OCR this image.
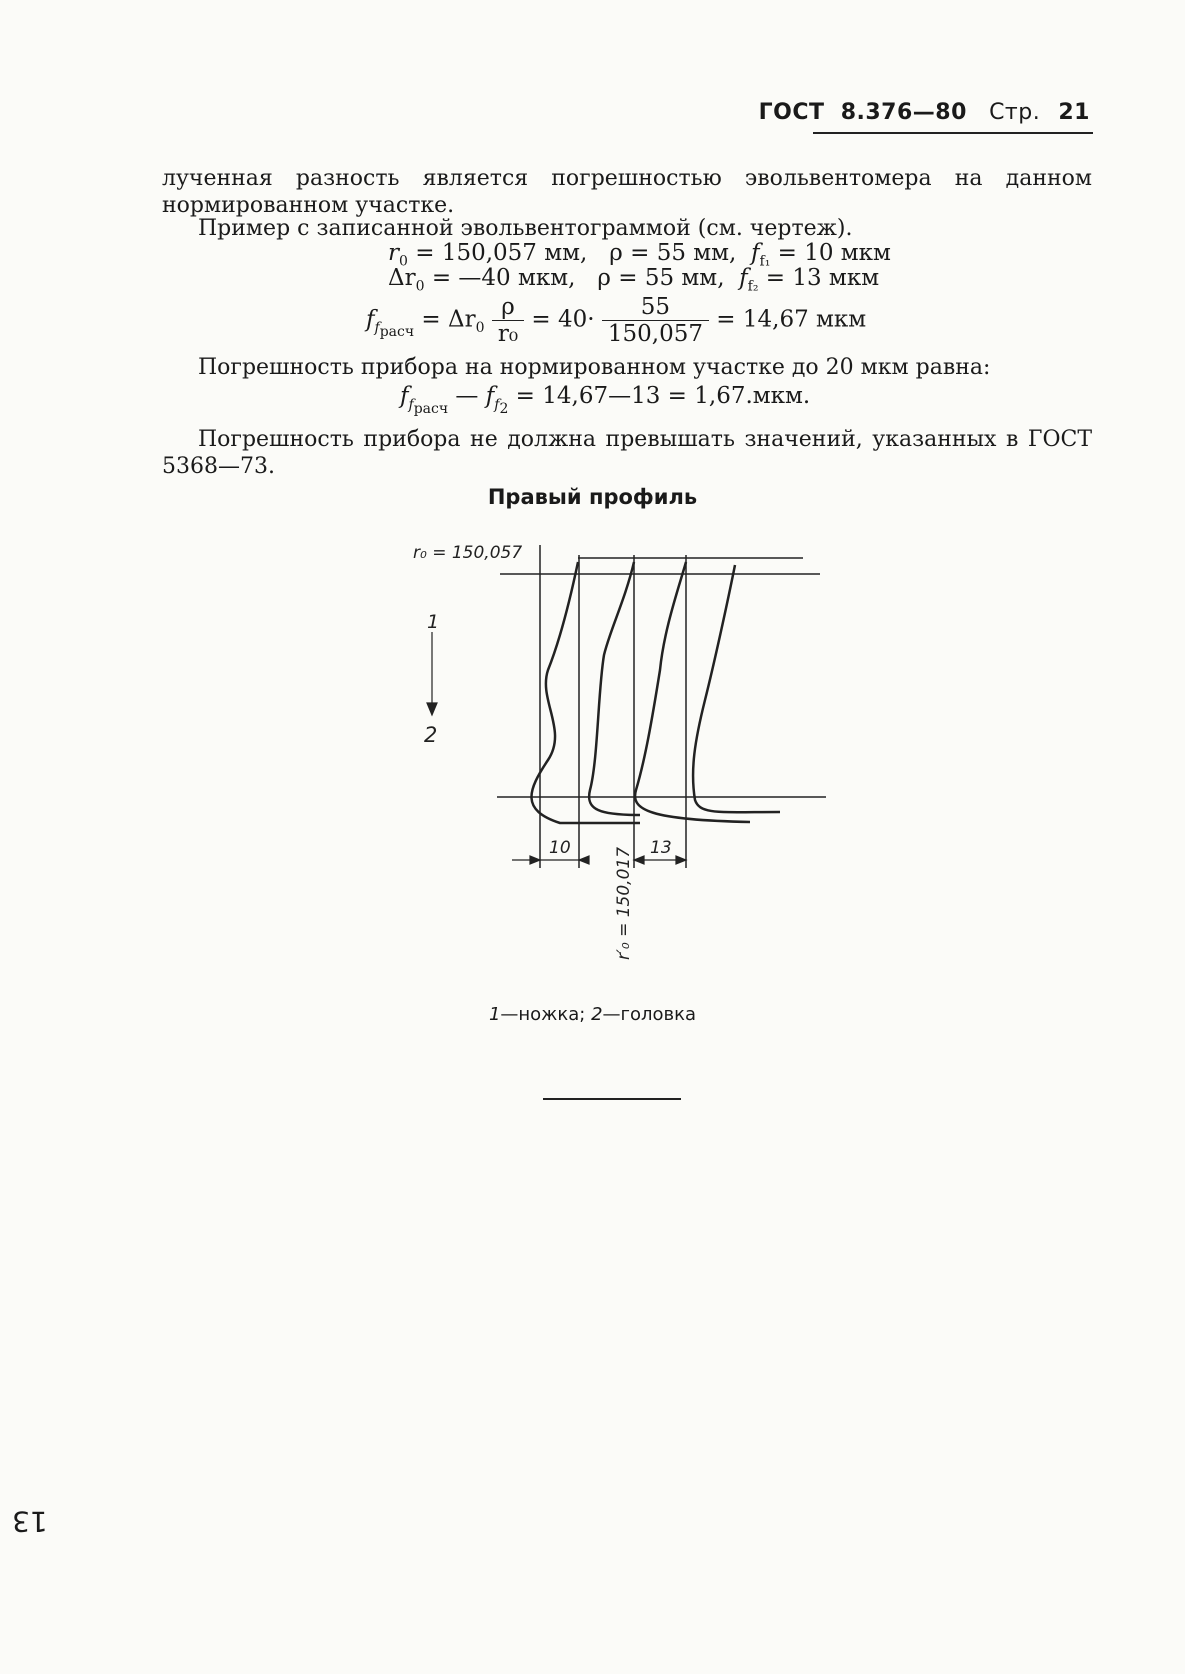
ГОСТ 8.376—80 Стр. 21
лученная разность является погрешностью эвольвентомера на данном нормированном участке.
Пример с записанной эвольвентограммой (см. чертеж).
$r_0 = 150,057$ мм, ρ = 55 мм, $f_{f_1} = 10$ мкм
$\Delta r_0$ = —40 мкм, ρ = 55 мм, $f_{f_2} = 13$ мкм
$f_{f_{расч}} = \Delta r_0 \frac{\rho}{\text{r₀}} = 40\cdot \frac{55}{150,057} = 14,67$ мкм
Погрешность прибора на нормированном участке до 20 мкм равна:
$f_{f_{расч}}$ — $f_{f_2}$ = 14,67—13 = 1,67.мкм.
Погрешность прибора не должна превышать значений, указанных в ГОСТ 5368—73.
Правый профиль
r₀ = 150,057
1
2
10	13
r′₀ = 150,017
1—ножка; 2—головка
13
